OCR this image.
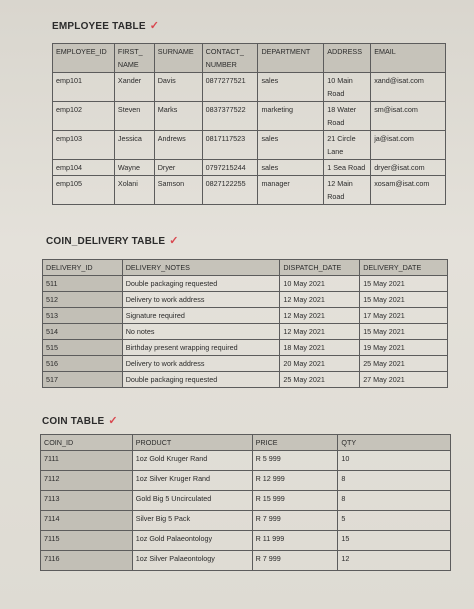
EMPLOYEE TABLE ✓
EMPLOYEE_ID	FIRST_ NAME	SURNAME	CONTACT_ NUMBER	DEPARTMENT	ADDRESS	EMAIL
emp101	Xander	Davis	0877277521	sales	10 Main Road	xand@isat.com
emp102	Steven	Marks	0837377522	marketing	18 Water Road	sm@isat.com
emp103	Jessica	Andrews	0817117523	sales	21 Circle Lane	ja@isat.com
emp104	Wayne	Dryer	0797215244	sales	1 Sea Road	dryer@isat.com
emp105	Xolani	Samson	0827122255	manager	12 Main Road	xosam@isat.com
COIN_DELIVERY TABLE ✓
DELIVERY_ID	DELIVERY_NOTES	DISPATCH_DATE	DELIVERY_DATE
511	Double packaging requested	10 May 2021	15 May 2021
512	Delivery to work address	12 May 2021	15 May 2021
513	Signature required	12 May 2021	17 May 2021
514	No notes	12 May 2021	15 May 2021
515	Birthday present wrapping required	18 May 2021	19 May 2021
516	Delivery to work address	20 May 2021	25 May 2021
517	Double packaging requested	25 May 2021	27 May 2021
COIN TABLE ✓
COIN_ID	PRODUCT	PRICE	QTY
7111	1oz Gold Kruger Rand	R 5 999	10
7112	1oz Silver Kruger Rand	R 12 999	8
7113	Gold Big 5 Uncirculated	R 15 999	8
7114	Silver Big 5 Pack	R 7 999	5
7115	1oz Gold Palaeontology	R 11 999	15
7116	1oz Silver Palaeontology	R 7 999	12
